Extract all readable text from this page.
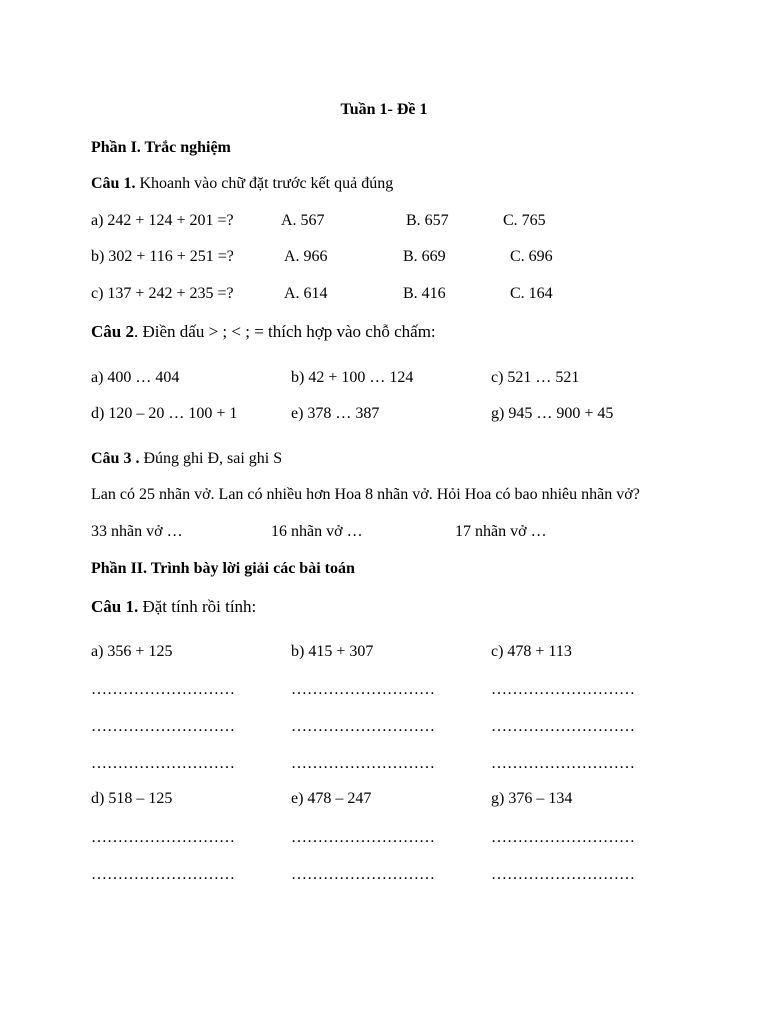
Tuần 1- Đề 1
Phần I. Trắc nghiệm
Câu 1. Khoanh vào chữ đặt trước kết quả đúng
a) 242 + 124 + 201 =?	A. 567	B. 657	C. 765
b) 302 + 116 + 251 =?	A. 966	B. 669	C. 696
c) 137 + 242 + 235 =?	A. 614	B. 416	C. 164
Câu 2. Điền dấu > ; < ; = thích hợp vào chỗ chấm:
a) 400 … 404	b) 42 + 100 … 124	c) 521 … 521
d) 120 – 20 … 100 + 1	e) 378 … 387	g) 945 … 900 + 45
Câu 3 . Đúng ghi Đ, sai ghi S
Lan có 25 nhãn vở. Lan có nhiều hơn Hoa 8 nhãn vở. Hỏi Hoa có bao nhiêu nhãn vở?
33 nhãn vở …	16 nhãn vở …	17 nhãn vở …
Phần II. Trình bày lời giải các bài toán
Câu 1. Đặt tính rồi tính:
a) 356 + 125	b) 415 + 307	c) 478 + 113
………………………	………………………	………………………
………………………	………………………	………………………
………………………	………………………	………………………
d) 518 – 125	e) 478 – 247	g) 376 – 134
………………………	………………………	………………………
………………………	………………………	………………………
